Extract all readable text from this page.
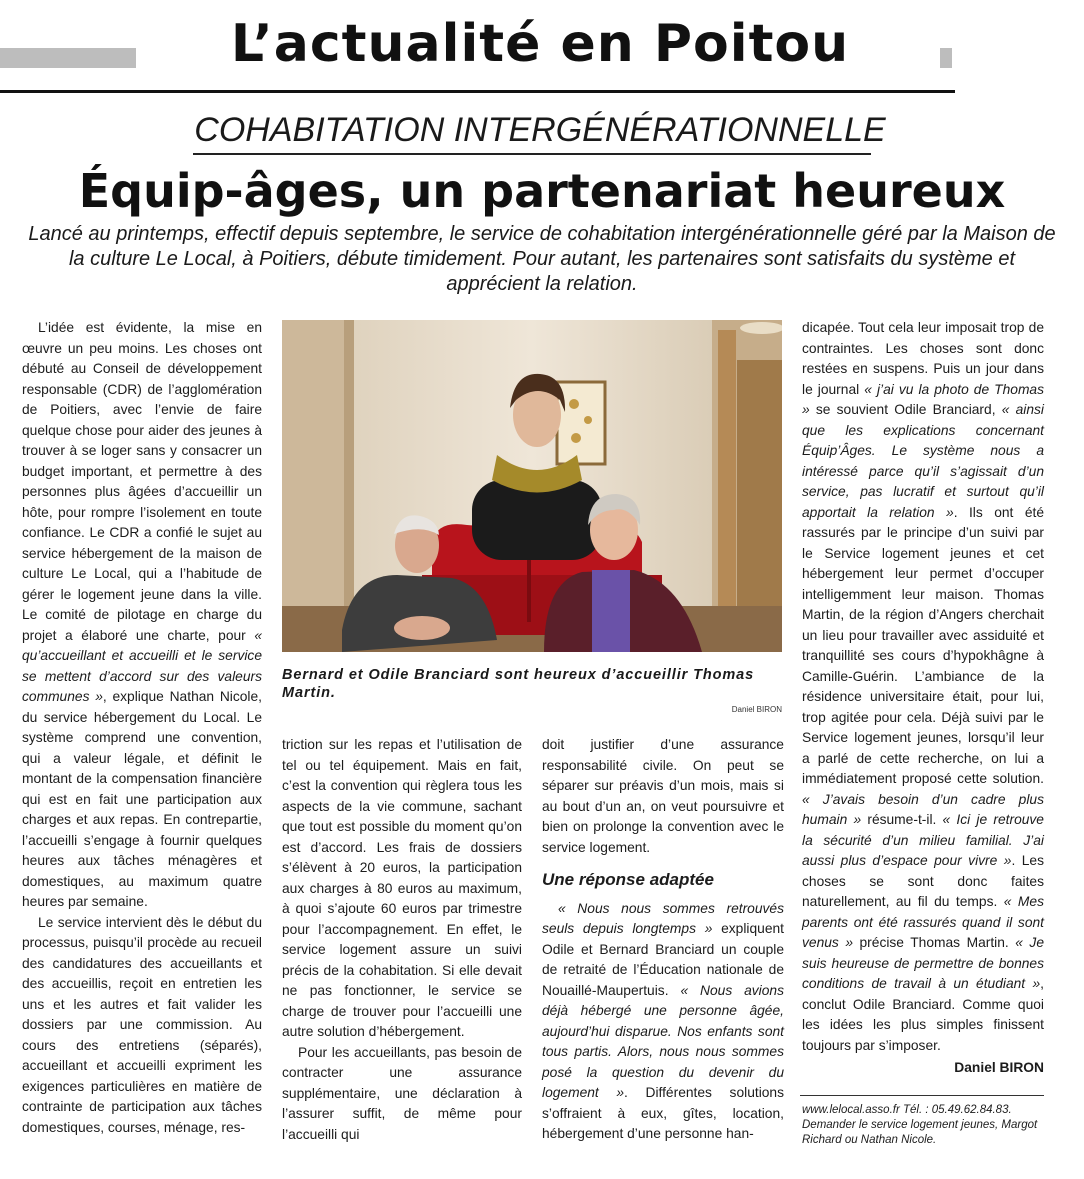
L’actualité en Poitou
COHABITATION INTERGÉNÉRATIONNELLE
Équip-âges, un partenariat heureux
Lancé au printemps, effectif depuis septembre, le service de cohabitation intergénérationnelle géré par la Maison de la culture Le Local, à Poitiers, débute timidement. Pour autant, les partenaires sont satisfaits du système et apprécient la relation.

L’idée est évidente, la mise en œuvre un peu moins. Les choses ont débuté au Conseil de développement responsable (CDR) de l’agglomération de Poitiers, avec l’envie de faire quelque chose pour aider des jeunes à trouver à se loger sans y consacrer un budget important, et permettre à des personnes plus âgées d’accueillir un hôte, pour rompre l’isolement en toute confiance. Le CDR a confié le sujet au service hébergement de la maison de culture Le Local, qui a l’habitude de gérer le logement jeune dans la ville. Le comité de pilotage en charge du projet a élaboré une charte, pour « qu’accueillant et accueilli et le service se mettent d’accord sur des valeurs communes », explique Nathan Nicole, du service hébergement du Local. Le système comprend une convention, qui a valeur légale, et définit le montant de la compensation financière qui est en fait une participation aux charges et aux repas. En contrepartie, l’accueilli s’engage à fournir quelques heures aux tâches ménagères et domestiques, au maximum quatre heures par semaine.

Le service intervient dès le début du processus, puisqu’il procède au recueil des candidatures des accueillants et des accueillis, reçoit en entretien les uns et les autres et fait valider les dossiers par une commission. Au cours des entretiens (séparés), accueillant et accueilli expriment les exigences particulières en matière de contrainte de participation aux tâches domestiques, courses, ménage, res-

Bernard et Odile Branciard sont heureux d’accueillir Thomas Martin.
Daniel BIRON

triction sur les repas et l’utilisation de tel ou tel équipement. Mais en fait, c’est la convention qui règlera tous les aspects de la vie commune, sachant que tout est possible du moment qu’on est d’accord. Les frais de dossiers s’élèvent à 20 euros, la participation aux charges à 80 euros au maximum, à quoi s’ajoute 60 euros par trimestre pour l’accompagnement. En effet, le service logement assure un suivi précis de la cohabitation. Si elle devait ne pas fonctionner, le service se charge de trouver pour l’accueilli une autre solution d’hébergement.

Pour les accueillants, pas besoin de contracter une assurance supplémentaire, une déclaration à l’assurer suffit, de même pour l’accueilli qui

doit justifier d’une assurance responsabilité civile. On peut se séparer sur préavis d’un mois, mais si au bout d’un an, on veut poursuivre et bien on prolonge la convention avec le service logement.

Une réponse adaptée

« Nous nous sommes retrouvés seuls depuis longtemps » expliquent Odile et Bernard Branciard un couple de retraité de l’Éducation nationale de Nouaillé-Maupertuis. « Nous avions déjà hébergé une personne âgée, aujourd’hui disparue. Nos enfants sont tous partis. Alors, nous nous sommes posé la question du devenir du logement ». Différentes solutions s’offraient à eux, gîtes, location, hébergement d’une personne han-

dicapée. Tout cela leur imposait trop de contraintes. Les choses sont donc restées en suspens. Puis un jour dans le journal « j’ai vu la photo de Thomas » se souvient Odile Branciard, « ainsi que les explications concernant Équip’Âges. Le système nous a intéressé parce qu’il s’agissait d’un service, pas lucratif et surtout qu’il apportait la relation ». Ils ont été rassurés par le principe d’un suivi par le Service logement jeunes et cet hébergement leur permet d’occuper intelligemment leur maison. Thomas Martin, de la région d’Angers cherchait un lieu pour travailler avec assiduité et tranquillité ses cours d’hypokhâgne à Camille-Guérin. L’ambiance de la résidence universitaire était, pour lui, trop agitée pour cela. Déjà suivi par le Service logement jeunes, lorsqu’il leur a parlé de cette recherche, on lui a immédiatement proposé cette solution. « J’avais besoin d’un cadre plus humain » résume-t-il. « Ici je retrouve la sécurité d’un milieu familial. J’ai aussi plus d’espace pour vivre ». Les choses se sont donc faites naturellement, au fil du temps. « Mes parents ont été rassurés quand il sont venus » précise Thomas Martin. « Je suis heureuse de permettre de bonnes conditions de travail à un étudiant », conclut Odile Branciard. Comme quoi les idées les plus simples finissent toujours par s’imposer.

Daniel BIRON

www.lelocal.asso.fr Tél. : 05.49.62.84.83. Demander le service logement jeunes, Margot Richard ou Nathan Nicole.
